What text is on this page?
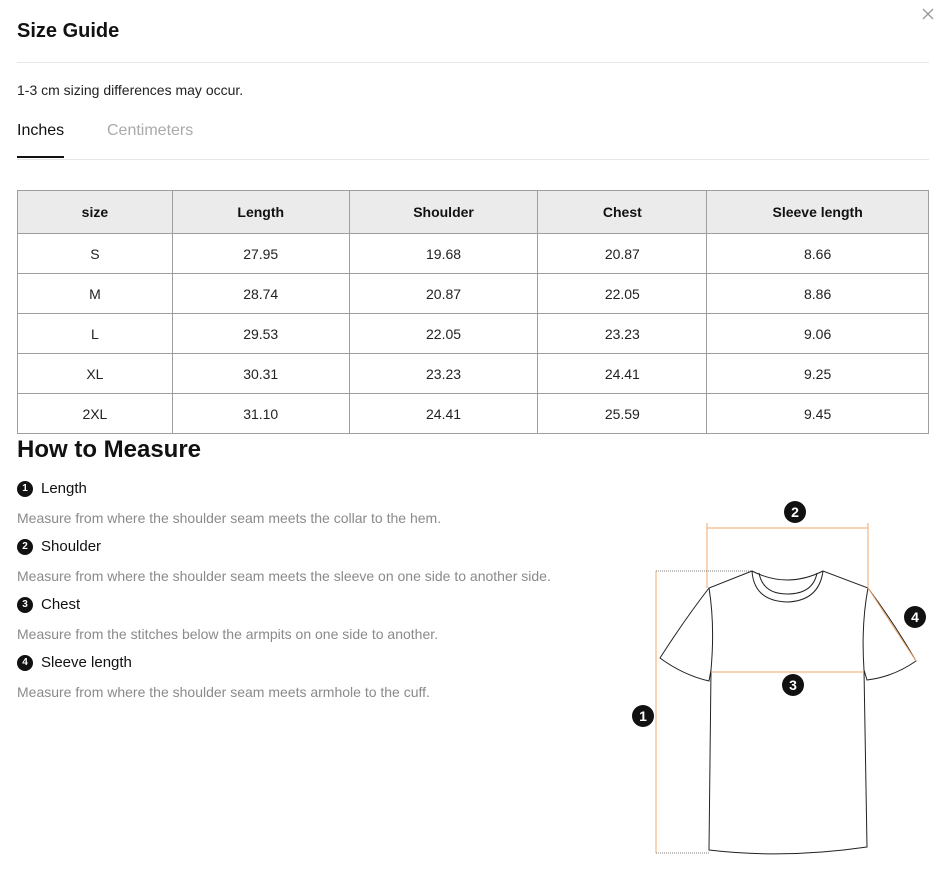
Size Guide
1-3 cm sizing differences may occur.
Inches	Centimeters
size	Length	Shoulder	Chest	Sleeve length
S	27.95	19.68	20.87	8.66
M	28.74	20.87	22.05	8.86
L	29.53	22.05	23.23	9.06
XL	30.31	23.23	24.41	9.25
2XL	31.10	24.41	25.59	9.45
How to Measure
1 Length
Measure from where the shoulder seam meets the collar to the hem.
2 Shoulder
Measure from where the shoulder seam meets the sleeve on one side to another side.
3 Chest
Measure from the stitches below the armpits on one side to another.
4 Sleeve length
Measure from where the shoulder seam meets armhole to the cuff.
2
3
1
4
